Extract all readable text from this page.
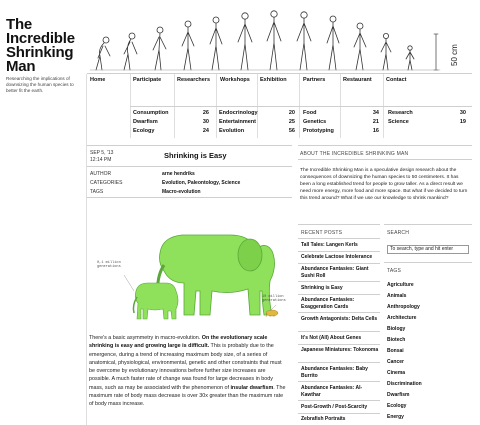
The
Incredible
Shrinking
Man
Researching the implications of downsizing the human species to better fit the earth.
50 cm
Home	Participate	Researchers Workshops Exhibition	Partners	Restaurant	Contact
Consumption	26
Dwarfism	30
Ecology	24
Endocrinology	20
Entertainment	25
Evolution	56
Food	34
Genetics	21
Prototyping	16
Research	30
Science	19
SEP 5, '13
12:14 PM	Shrinking is Easy
AUTHOR	arne hendriks
CATEGORIES	Evolution, Paleontology, Science
TAGS	Macro-evolution
0,1 million
generations
10 million
generations
There's a basic asymmetry in macro-evolution. On the evolutionary scale shrinking is easy and growing large is difficult. This is probably due to the emergence, during a trend of increasing maximum body size, of a series of anatomical, physiological, environmental, genetic and other constraints that must be overcome by evolutionary innovations before further size increases are possible. A much faster rate of change was found for large decreases in body mass, such as may be associated with the phenomenon of insular dwarfism. The maximum rate of body mass decrease is over 30x greater than the maximum rate of body mass increase.
ABOUT THE INCREDIBLE SHRINKING MAN
The Incredible Shrinking Man is a speculative design research about the consequences of downsizing the human species to 50 centimeters. It has been a long established trend for people to grow taller. As a direct result we need more energy, more food and more space. But what if we decided to turn this trend around? What if we use our knowledge to shrink mankind?
RECENT POSTS
Tall Tales: Langen Kerls
Celebrate Lactose Intolerance
Abundance Fantasies: Giant Sushi Roll
Shrinking is Easy
Abundance Fantasies: Exaggeration Cards
Growth Antagonists: Delta Cells
It's Not (All) About Genes
Japanese Miniatures: Tokonoma
Abundance Fantasies: Baby Burrito
Abundance Fantasies: Al-Kawthar
Post-Growth / Post-Scarcity
Zebrafish Portraits
SEARCH
To search, type and hit enter
TAGS
Agriculture
Animals
Anthropology
Architecture
Biology
Biotech
Bonsai
Cancer
Cinema
Discrimination
Dwarfism
Ecology
Energy
